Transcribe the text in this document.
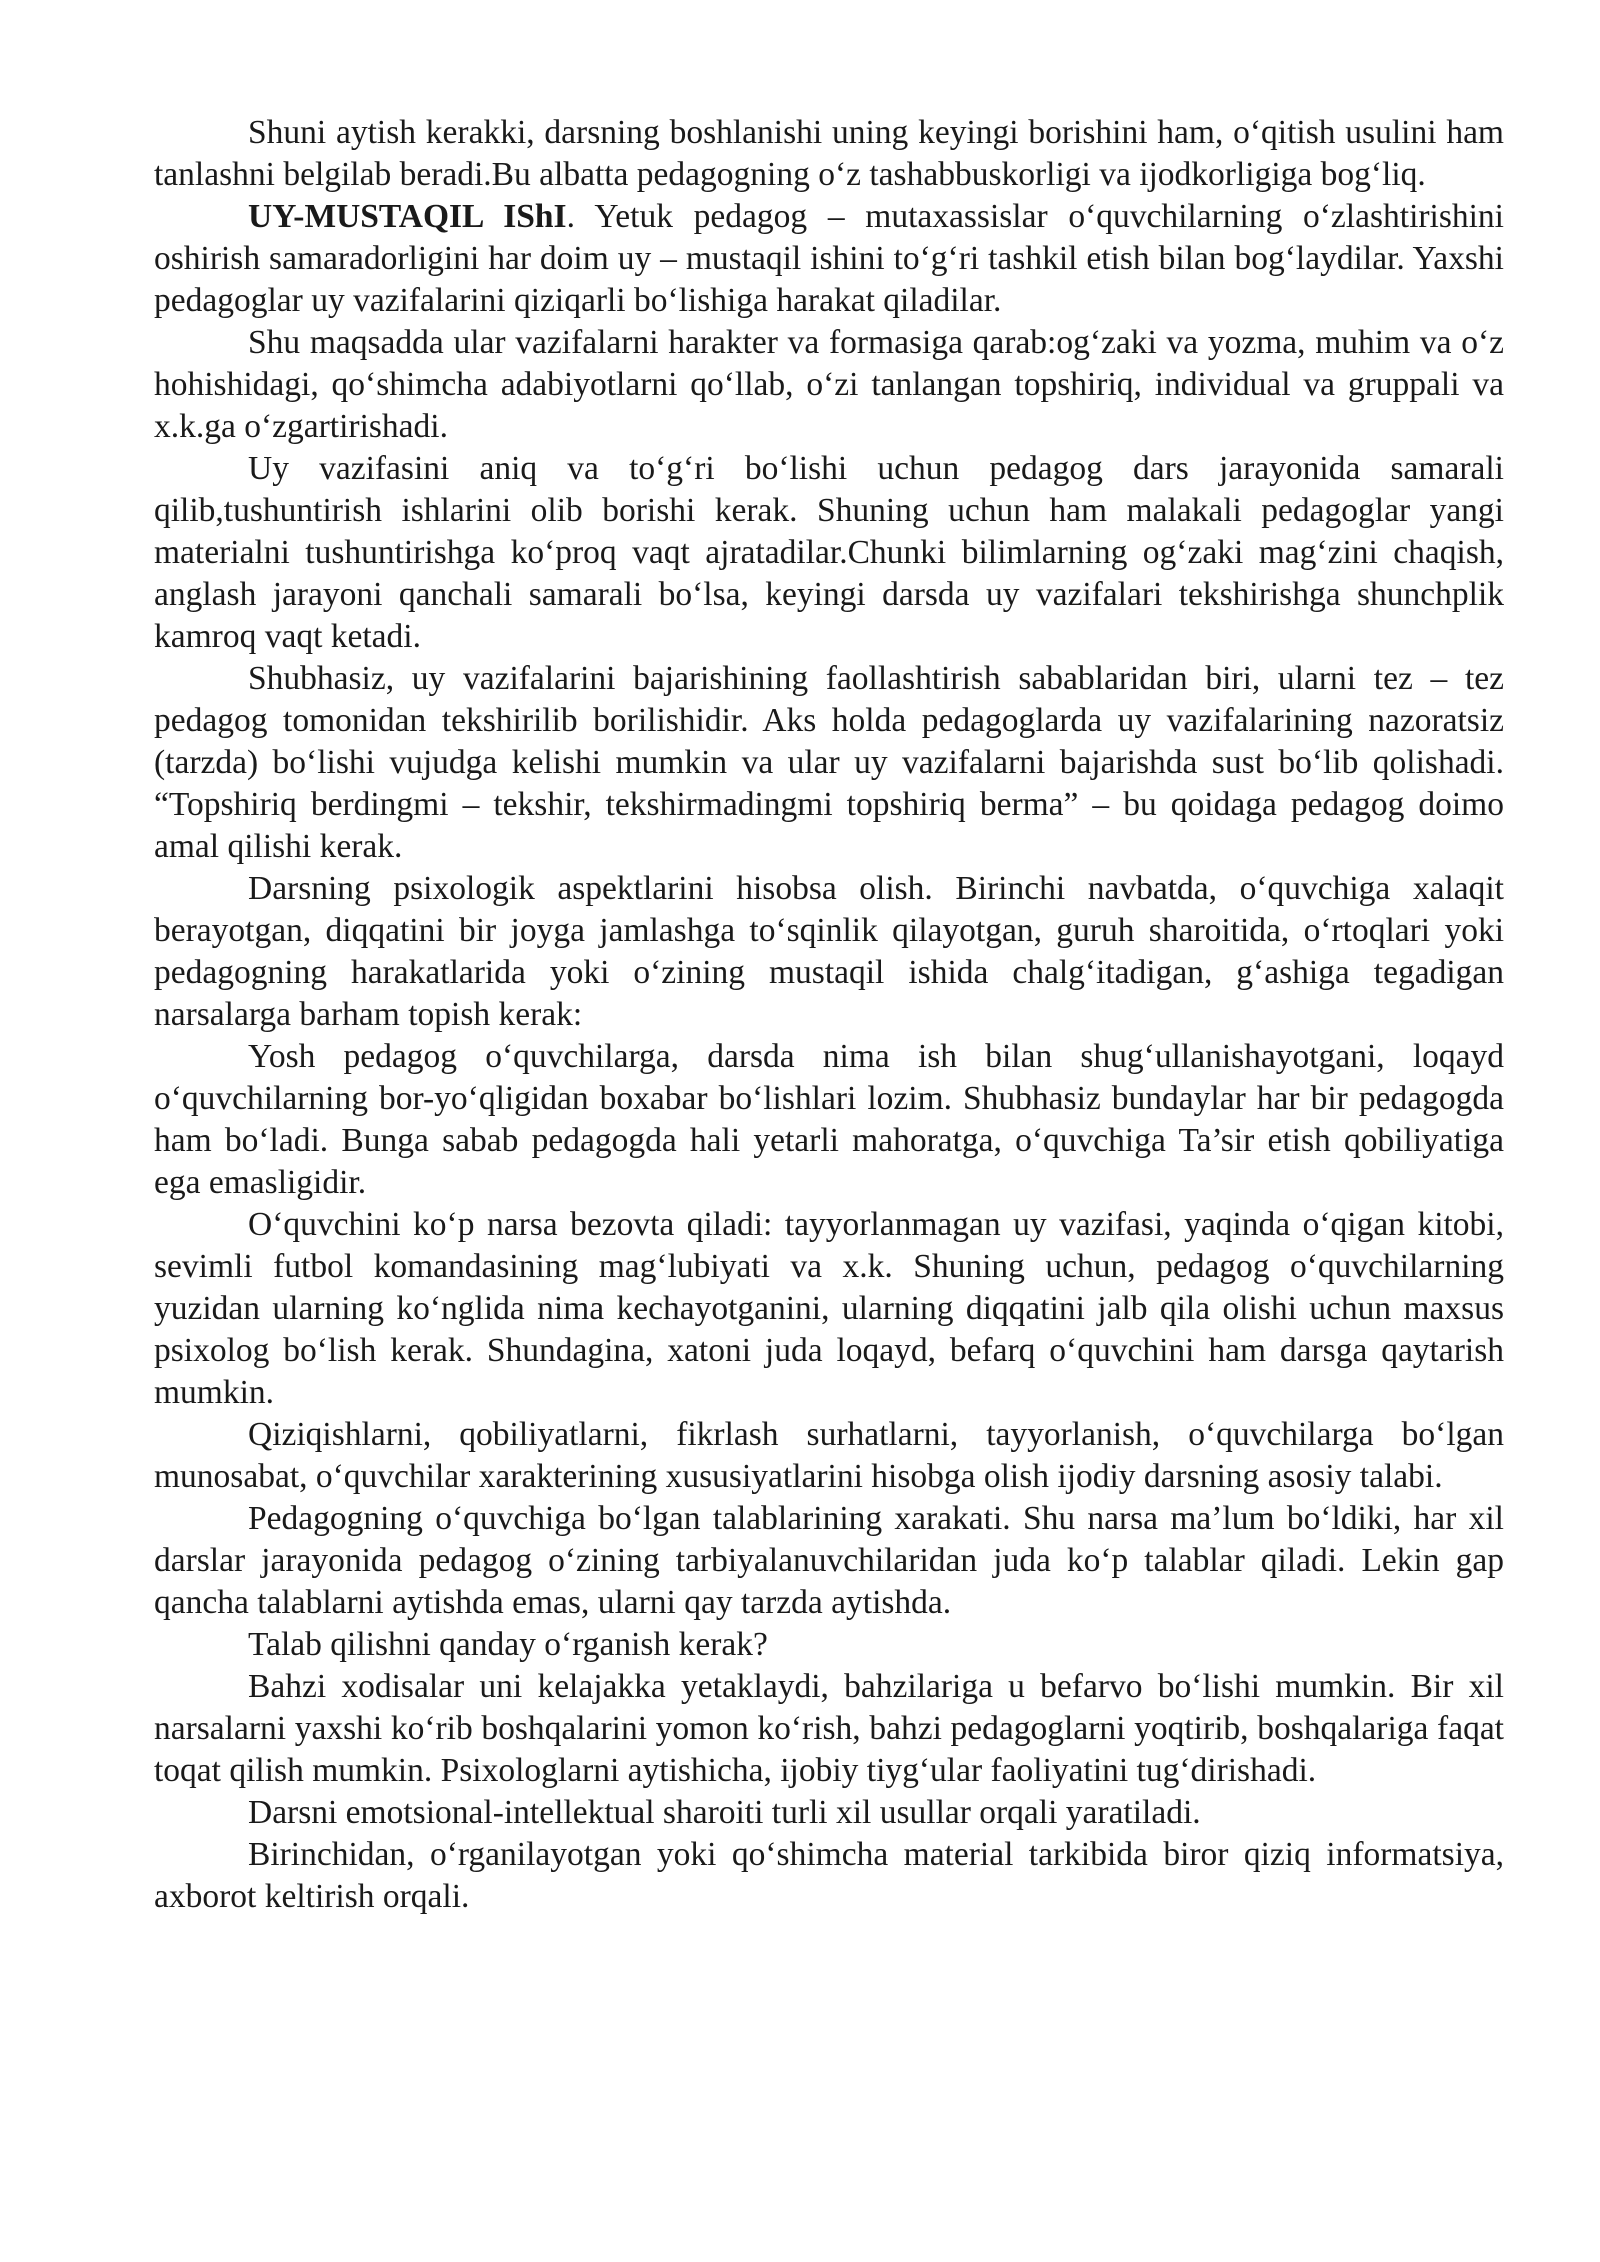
Shuni aytish kerakki, darsning boshlanishi uning keyingi borishini ham, o‘qitish usulini ham tanlashni belgilab beradi.Bu albatta pedagogning o‘z tashabbuskorligi va ijodkorligiga bog‘liq.

UY-MUSTAQIL IShI. Yetuk pedagog – mutaxassislar o‘quvchilarning o‘zlashtirishini oshirish samaradorligini har doim uy – mustaqil ishini to‘g‘ri tashkil etish bilan bog‘laydilar. Yaxshi pedagoglar uy vazifalarini qiziqarli bo‘lishiga harakat qiladilar.

Shu maqsadda ular vazifalarni harakter va formasiga qarab:og‘zaki va yozma, muhim va o‘z hohishidagi, qo‘shimcha adabiyotlarni qo‘llab, o‘zi tanlangan topshiriq, individual va gruppali va x.k.ga o‘zgartirishadi.

Uy vazifasini aniq va to‘g‘ri bo‘lishi uchun pedagog dars jarayonida samarali qilib,tushuntirish ishlarini olib borishi kerak. Shuning uchun ham malakali pedagoglar yangi materialni tushuntirishga ko‘proq vaqt ajratadilar.Chunki bilimlarning og‘zaki mag‘zini chaqish, anglash jarayoni qanchali samarali bo‘lsa, keyingi darsda uy vazifalari tekshirishga shunchplik kamroq vaqt ketadi.

Shubhasiz, uy vazifalarini bajarishining faollashtirish sabablaridan biri, ularni tez – tez pedagog tomonidan tekshirilib borilishidir. Aks holda pedagoglarda uy vazifalarining nazoratsiz (tarzda) bo‘lishi vujudga kelishi mumkin va ular uy vazifalarni bajarishda sust bo‘lib qolishadi. “Topshiriq berdingmi – tekshir, tekshirmadingmi topshiriq berma” – bu qoidaga pedagog doimo amal qilishi kerak.

Darsning psixologik aspektlarini hisobsa olish. Birinchi navbatda, o‘quvchiga xalaqit berayotgan, diqqatini bir joyga jamlashga to‘sqinlik qilayotgan, guruh sharoitida, o‘rtoqlari yoki pedagogning harakatlarida yoki o‘zining mustaqil ishida chalg‘itadigan, g‘ashiga tegadigan narsalarga barham topish kerak:

Yosh pedagog o‘quvchilarga, darsda nima ish bilan shug‘ullanishayotgani, loqayd o‘quvchilarning bor-yo‘qligidan boxabar bo‘lishlari lozim. Shubhasiz bundaylar har bir pedagogda ham bo‘ladi. Bunga sabab pedagogda hali yetarli mahoratga, o‘quvchiga Ta’sir etish qobiliyatiga ega emasligidir.

O‘quvchini ko‘p narsa bezovta qiladi: tayyorlanmagan uy vazifasi, yaqinda o‘qigan kitobi, sevimli futbol komandasining mag‘lubiyati va x.k. Shuning uchun, pedagog o‘quvchilarning yuzidan ularning ko‘nglida nima kechayotganini, ularning diqqatini jalb qila olishi uchun maxsus psixolog bo‘lish kerak. Shundagina, xatoni juda loqayd, befarq o‘quvchini ham darsga qaytarish mumkin.

Qiziqishlarni, qobiliyatlarni, fikrlash surhatlarni, tayyorlanish, o‘quvchilarga bo‘lgan munosabat, o‘quvchilar xarakterining xususiyatlarini hisobga olish ijodiy darsning asosiy talabi.

Pedagogning o‘quvchiga bo‘lgan talablarining xarakati. Shu narsa ma’lum bo‘ldiki, har xil darslar jarayonida pedagog o‘zining tarbiyalanuvchilaridan juda ko‘p talablar qiladi. Lekin gap qancha talablarni aytishda emas, ularni qay tarzda aytishda.

Talab qilishni qanday o‘rganish kerak?

Bahzi xodisalar uni kelajakka yetaklaydi, bahzilariga u befarvo bo‘lishi mumkin. Bir xil narsalarni yaxshi ko‘rib boshqalarini yomon ko‘rish, bahzi pedagoglarni yoqtirib, boshqalariga faqat toqat qilish mumkin. Psixologlarni aytishicha, ijobiy tiyg‘ular faoliyatini tug‘dirishadi.

Darsni emotsional-intellektual sharoiti turli xil usullar orqali yaratiladi.

Birinchidan, o‘rganilayotgan yoki qo‘shimcha material tarkibida biror qiziq informatsiya, axborot keltirish orqali.
